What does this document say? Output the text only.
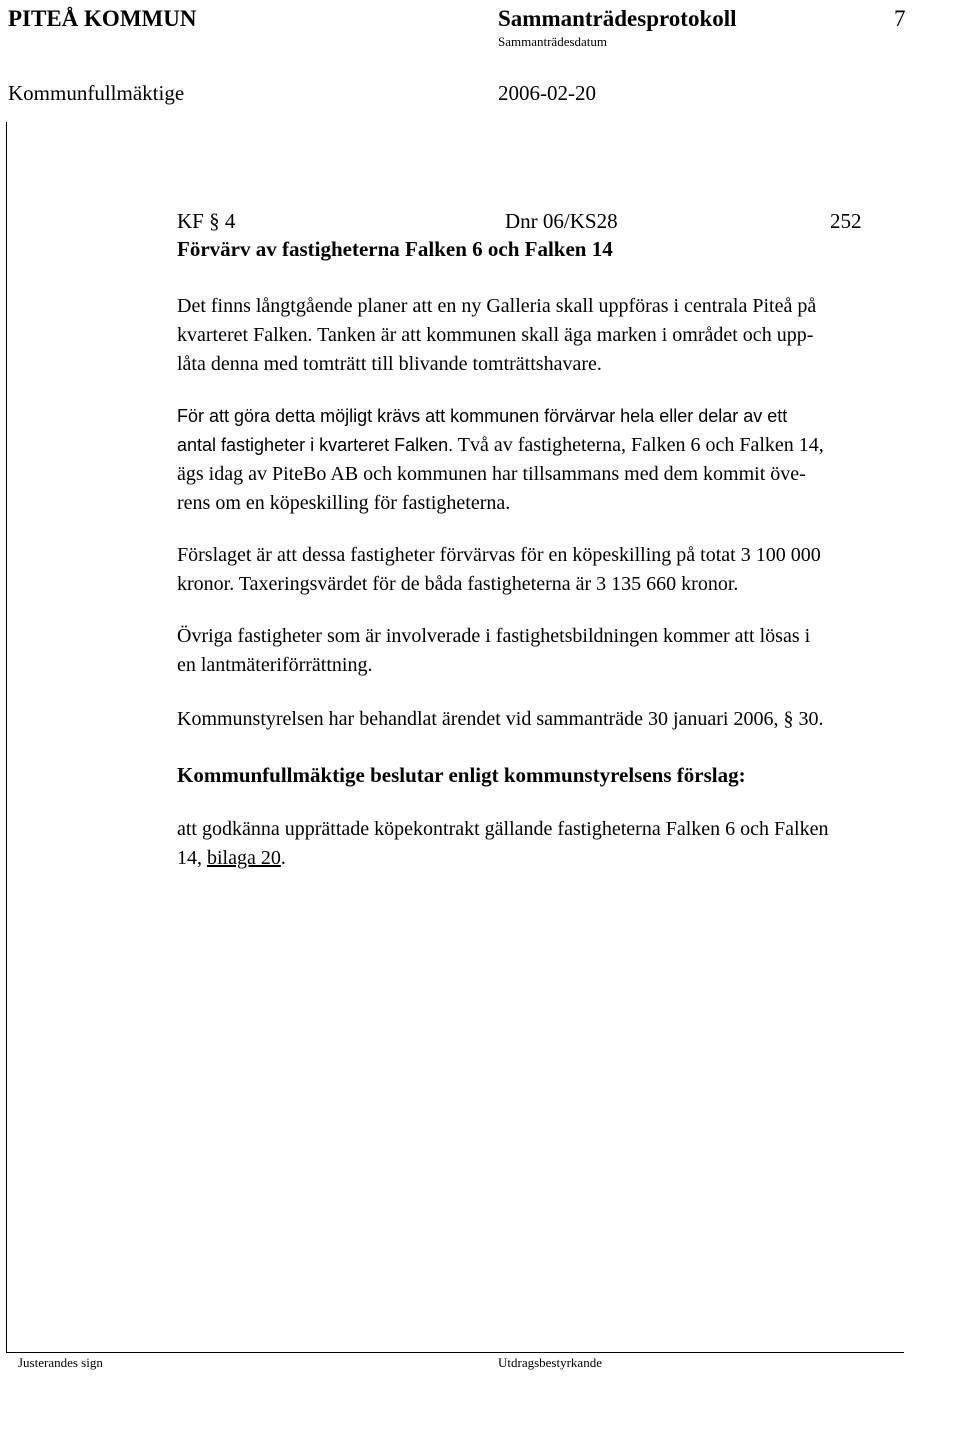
PITEÅ KOMMUN	Sammanträdesprotokoll	7
Sammanträdesdatum
Kommunfullmäktige	2006-02-20
KF § 4	Dnr 06/KS28	252
Förvärv av fastigheterna Falken 6 och Falken 14
Det finns långtgående planer att en ny Galleria skall uppföras i centrala Piteå på
kvarteret Falken. Tanken är att kommunen skall äga marken i området och upp-
låta denna med tomträtt till blivande tomträttshavare.
För att göra detta möjligt krävs att kommunen förvärvar hela eller delar av ett
antal fastigheter i kvarteret Falken. Två av fastigheterna, Falken 6 och Falken 14,
ägs idag av PiteBo AB och kommunen har tillsammans med dem kommit öve-
rens om en köpeskilling för fastigheterna.
Förslaget är att dessa fastigheter förvärvas för en köpeskilling på totat 3 100 000
kronor. Taxeringsvärdet för de båda fastigheterna är 3 135 660 kronor.
Övriga fastigheter som är involverade i fastighetsbildningen kommer att lösas i
en lantmäteriförrättning.
Kommunstyrelsen har behandlat ärendet vid sammanträde 30 januari 2006, § 30.
Kommunfullmäktige beslutar enligt kommunstyrelsens förslag:
att godkänna upprättade köpekontrakt gällande fastigheterna Falken 6 och Falken
14, bilaga 20.
Justerandes sign	Utdragsbestyrkande
